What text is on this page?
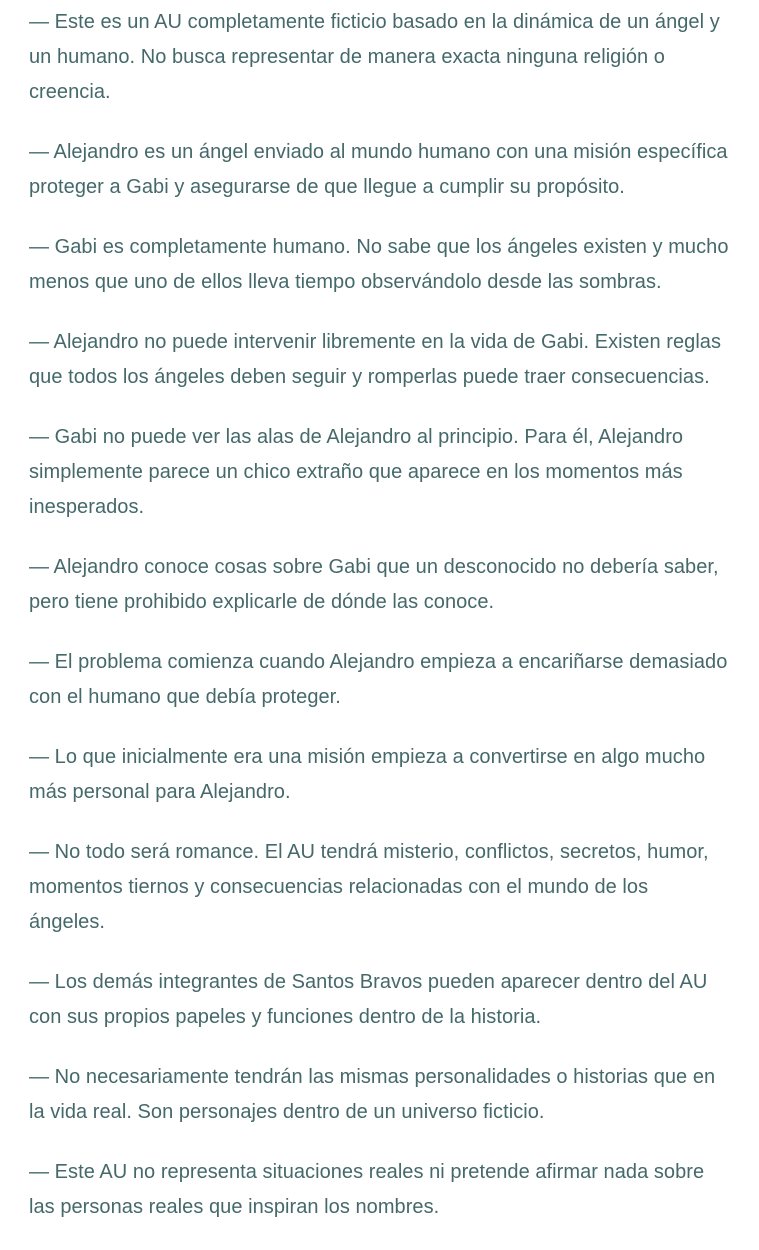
— Este es un AU completamente ficticio basado en la dinámica de un ángel y un humano. No busca representar de manera exacta ninguna religión o creencia.

— Alejandro es un ángel enviado al mundo humano con una misión específica proteger a Gabi y asegurarse de que llegue a cumplir su propósito.

— Gabi es completamente humano. No sabe que los ángeles existen y mucho menos que uno de ellos lleva tiempo observándolo desde las sombras.

— Alejandro no puede intervenir libremente en la vida de Gabi. Existen reglas que todos los ángeles deben seguir y romperlas puede traer consecuencias.

— Gabi no puede ver las alas de Alejandro al principio. Para él, Alejandro simplemente parece un chico extraño que aparece en los momentos más inesperados.

— Alejandro conoce cosas sobre Gabi que un desconocido no debería saber, pero tiene prohibido explicarle de dónde las conoce.

— El problema comienza cuando Alejandro empieza a encariñarse demasiado con el humano que debía proteger.

— Lo que inicialmente era una misión empieza a convertirse en algo mucho más personal para Alejandro.

— No todo será romance. El AU tendrá misterio, conflictos, secretos, humor, momentos tiernos y consecuencias relacionadas con el mundo de los ángeles.

— Los demás integrantes de Santos Bravos pueden aparecer dentro del AU con sus propios papeles y funciones dentro de la historia.

— No necesariamente tendrán las mismas personalidades o historias que en la vida real. Son personajes dentro de un universo ficticio.

— Este AU no representa situaciones reales ni pretende afirmar nada sobre las personas reales que inspiran los nombres.
